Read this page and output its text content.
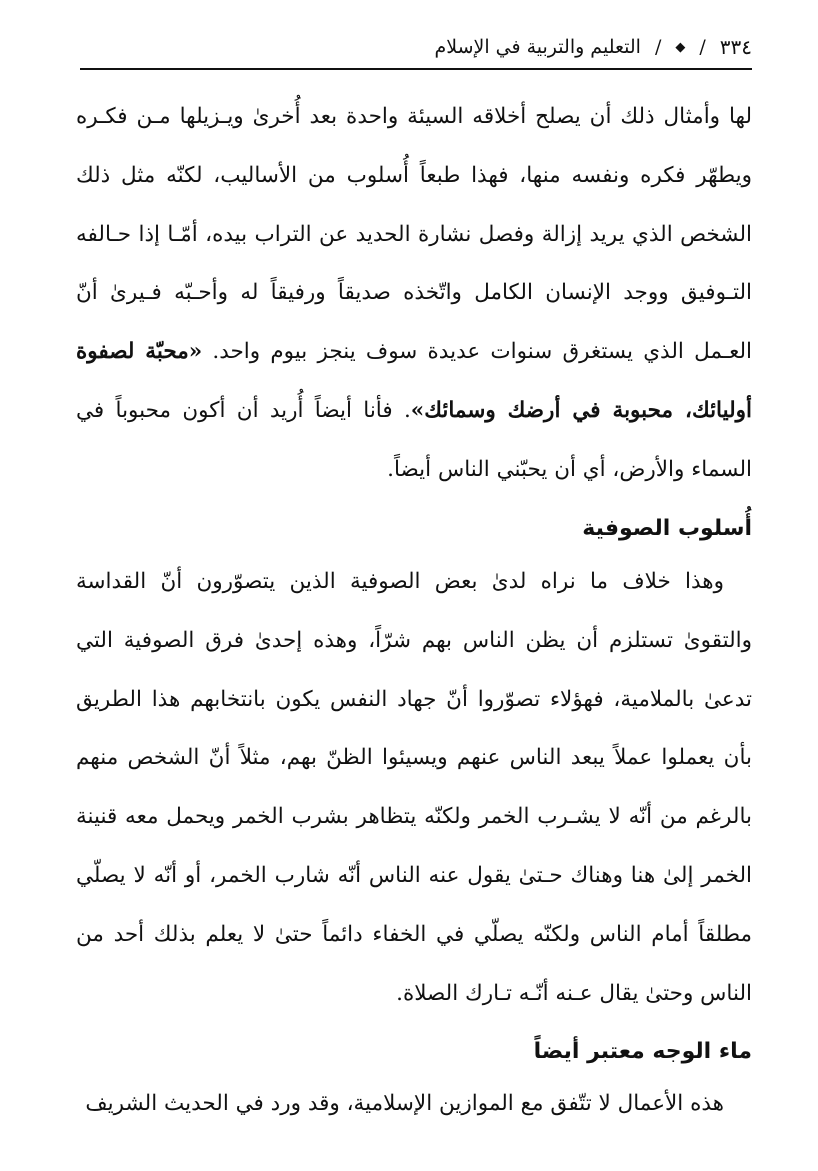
٣٣٤
/
◆
/
التعليم والتربية في الإسلام

لها وأمثال ذلك أن يصلح أخلاقه السيئة واحدة بعد أُخرىٰ ويـزيلها مـن فكـره ويطهّر فكره ونفسه منها، فهذا طبعاً أُسلوب من الأساليب، لكنّه مثل ذلك الشخص الذي يريد إزالة وفصل نشارة الحديد عن التراب بيده، أمّـا إذا حـالفه التـوفيق ووجد الإنسان الكامل واتّخذه صديقاً ورفيقاً له وأحـبّه فـيرىٰ أنّ العـمل الذي يستغرق سنوات عديدة سوف ينجز بيوم واحد. «محبّة لصفوة أوليائك، محبوبة في أرضك وسمائك». فأنا أيضاً أُريد أن أكون محبوباً في السماء والأرض، أي أن يحبّني الناس أيضاً.

أُسلوب الصوفية

وهذا خلاف ما نراه لدىٰ بعض الصوفية الذين يتصوّرون أنّ القداسة والتقوىٰ تستلزم أن يظن الناس بهم شرّاً، وهذه إحدىٰ فرق الصوفية التي تدعىٰ بالملامية، فهؤلاء تصوّروا أنّ جهاد النفس يكون بانتخابهم هذا الطريق بأن يعملوا عملاً يبعد الناس عنهم ويسيئوا الظنّ بهم، مثلاً أنّ الشخص منهم بالرغم من أنّه لا يشـرب الخمر ولكنّه يتظاهر بشرب الخمر ويحمل معه قنينة الخمر إلىٰ هنا وهناك حـتىٰ يقول عنه الناس أنّه شارب الخمر، أو أنّه لا يصلّي مطلقاً أمام الناس ولكنّه يصلّي في الخفاء دائماً حتىٰ لا يعلم بذلك أحد من الناس وحتىٰ يقال عـنه أنّـه تـارك الصلاة.

ماء الوجه معتبر أيضاً

هذه الأعمال لا تتّفق مع الموازين الإسلامية، وقد ورد في الحديث الشريف
